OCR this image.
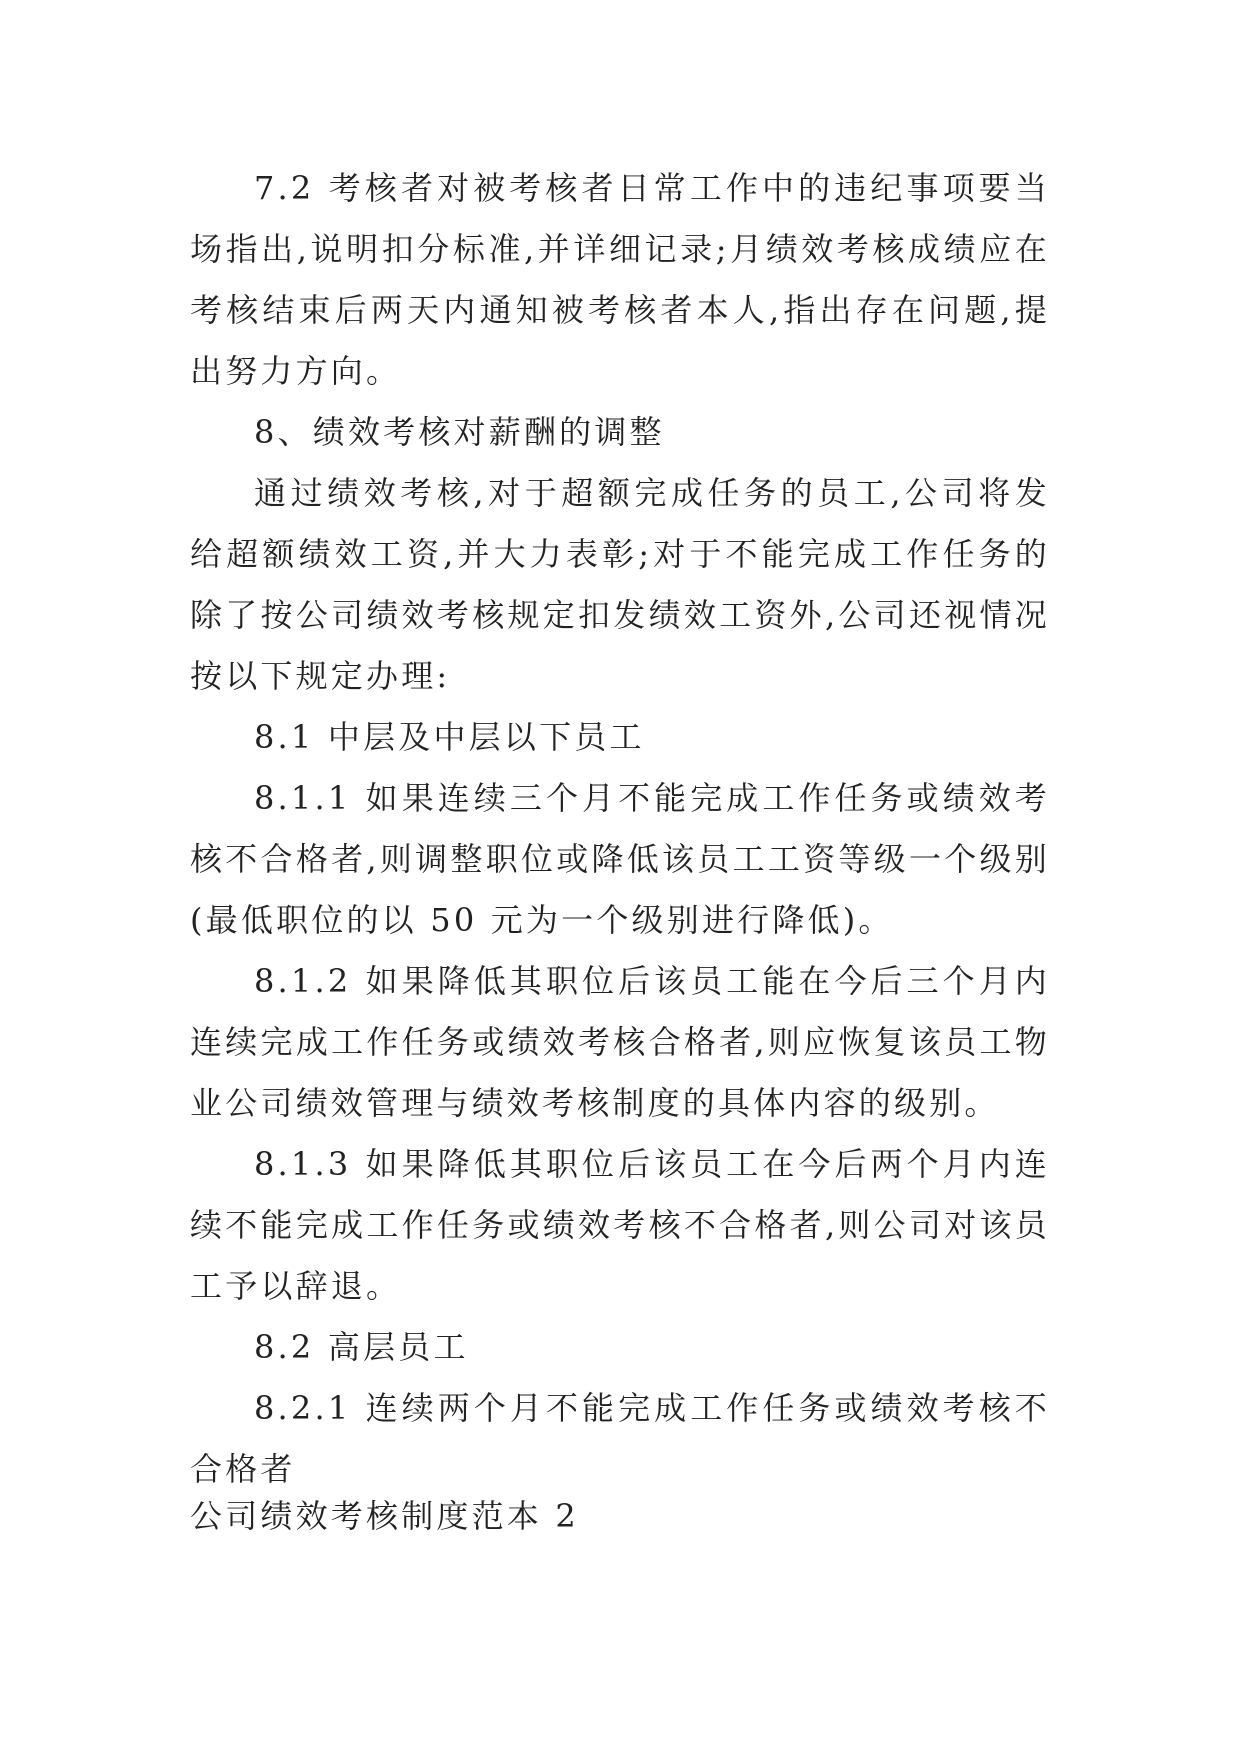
7.2 考核者对被考核者日常工作中的违纪事项要当场指出,说明扣分标准,并详细记录;月绩效考核成绩应在考核结束后两天内通知被考核者本人,指出存在问题,提出努力方向。

8、绩效考核对薪酬的调整

通过绩效考核,对于超额完成任务的员工,公司将发给超额绩效工资,并大力表彰;对于不能完成工作任务的除了按公司绩效考核规定扣发绩效工资外,公司还视情况按以下规定办理:

8.1 中层及中层以下员工

8.1.1 如果连续三个月不能完成工作任务或绩效考核不合格者,则调整职位或降低该员工工资等级一个级别(最低职位的以 50 元为一个级别进行降低)。

8.1.2 如果降低其职位后该员工能在今后三个月内连续完成工作任务或绩效考核合格者,则应恢复该员工物业公司绩效管理与绩效考核制度的具体内容的级别。

8.1.3 如果降低其职位后该员工在今后两个月内连续不能完成工作任务或绩效考核不合格者,则公司对该员工予以辞退。

8.2 高层员工

8.2.1 连续两个月不能完成工作任务或绩效考核不合格者

公司绩效考核制度范本 2
